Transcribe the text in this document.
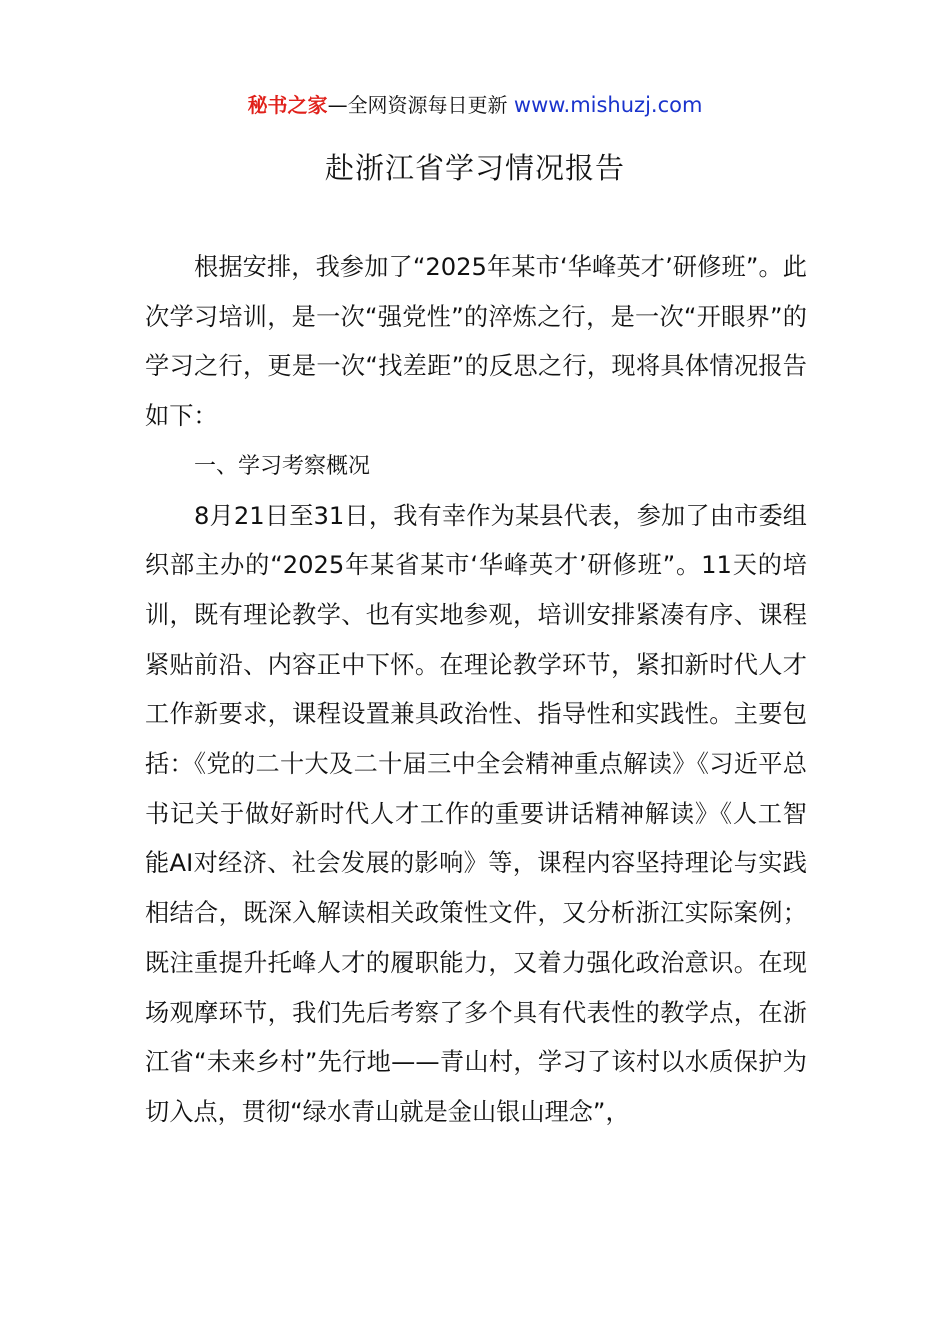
秘书之家—全网资源每日更新 www.mishuzj.com
赴浙江省学习情况报告

根据安排，我参加了“2025年某市‘华峰英才’研修班”。此次学习培训，是一次“强党性”的淬炼之行，是一次“开眼界”的学习之行，更是一次“找差距”的反思之行，现将具体情况报告如下：

一、学习考察概况

8月21日至31日，我有幸作为某县代表，参加了由市委组织部主办的“2025年某省某市‘华峰英才’研修班”。11天的培训，既有理论教学、也有实地参观，培训安排紧凑有序、课程紧贴前沿、内容正中下怀。在理论教学环节，紧扣新时代人才工作新要求，课程设置兼具政治性、指导性和实践性。主要包括：《党的二十大及二十届三中全会精神重点解读》《习近平总书记关于做好新时代人才工作的重要讲话精神解读》《人工智能AI对经济、社会发展的影响》等，课程内容坚持理论与实践相结合，既深入解读相关政策性文件，又分析浙江实际案例；既注重提升托峰人才的履职能力，又着力强化政治意识。在现场观摩环节，我们先后考察了多个具有代表性的教学点，在浙江省“未来乡村”先行地——青山村，学习了该村以水质保护为切入点，贯彻“绿水青山就是金山银山理念”，
